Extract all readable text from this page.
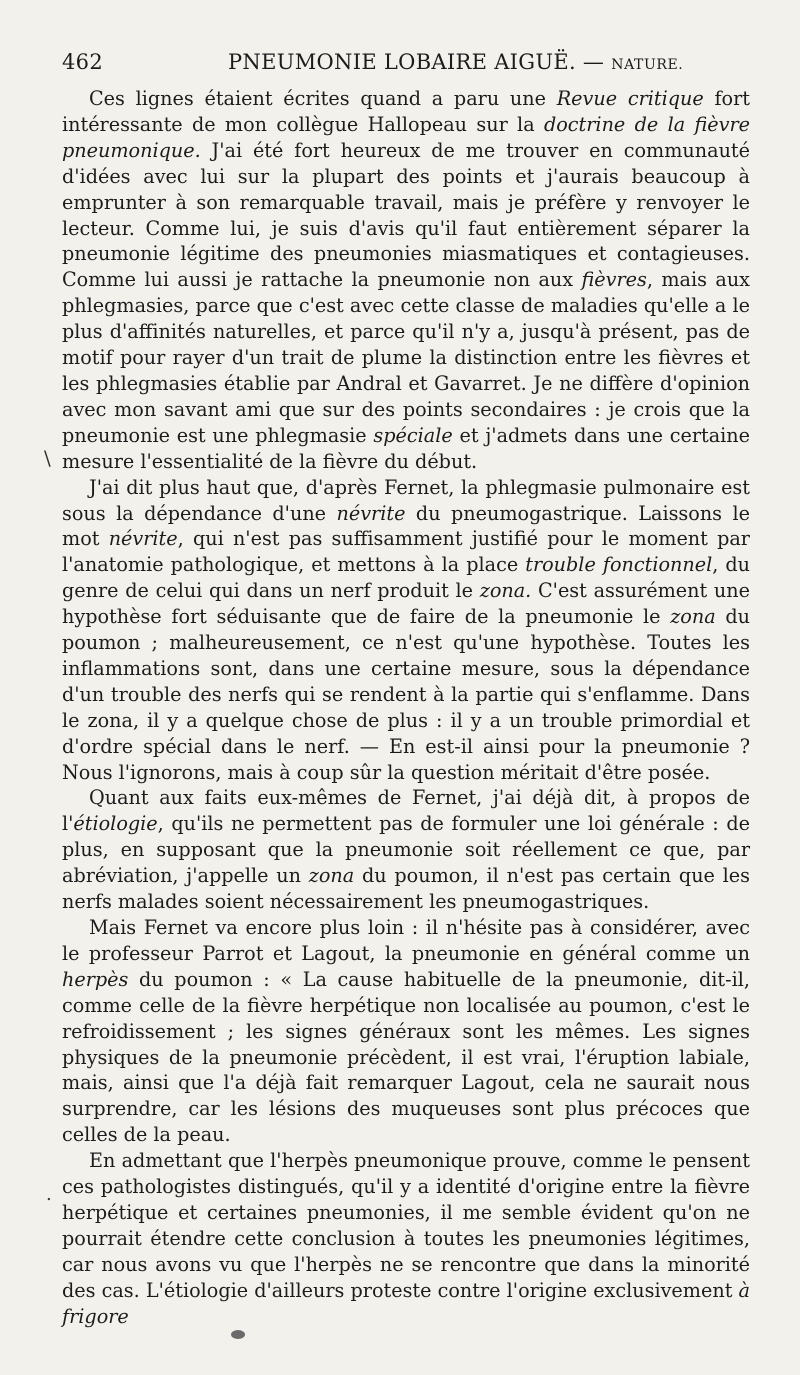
462	PNEUMONIE LOBAIRE AIGUË. — NATURE.
\
.

Ces lignes étaient écrites quand a paru une Revue critique fort intéressante de mon collègue Hallopeau sur la doctrine de la fièvre pneumonique. J'ai été fort heureux de me trouver en communauté d'idées avec lui sur la plupart des points et j'aurais beaucoup à emprunter à son remarquable travail, mais je préfère y renvoyer le lecteur. Comme lui, je suis d'avis qu'il faut entièrement séparer la pneumonie légitime des pneumonies miasmatiques et contagieuses. Comme lui aussi je rattache la pneumonie non aux fièvres, mais aux phlegmasies, parce que c'est avec cette classe de maladies qu'elle a le plus d'affinités naturelles, et parce qu'il n'y a, jusqu'à présent, pas de motif pour rayer d'un trait de plume la distinction entre les fièvres et les phlegmasies établie par Andral et Gavarret. Je ne diffère d'opinion avec mon savant ami que sur des points secondaires : je crois que la pneumonie est une phlegmasie spéciale et j'admets dans une certaine mesure l'essentialité de la fièvre du début.

J'ai dit plus haut que, d'après Fernet, la phlegmasie pulmonaire est sous la dépendance d'une névrite du pneumogastrique. Laissons le mot névrite, qui n'est pas suffisamment justifié pour le moment par l'anatomie pathologique, et mettons à la place trouble fonctionnel, du genre de celui qui dans un nerf produit le zona. C'est assurément une hypothèse fort séduisante que de faire de la pneumonie le zona du poumon ; malheureusement, ce n'est qu'une hypothèse. Toutes les inflammations sont, dans une certaine mesure, sous la dépendance d'un trouble des nerfs qui se rendent à la partie qui s'enflamme. Dans le zona, il y a quelque chose de plus : il y a un trouble primordial et d'ordre spécial dans le nerf. — En est-il ainsi pour la pneumonie ? Nous l'ignorons, mais à coup sûr la question méritait d'être posée.

Quant aux faits eux-mêmes de Fernet, j'ai déjà dit, à propos de l'étiologie, qu'ils ne permettent pas de formuler une loi générale : de plus, en supposant que la pneumonie soit réellement ce que, par abréviation, j'appelle un zona du poumon, il n'est pas certain que les nerfs malades soient nécessairement les pneumogastriques.

Mais Fernet va encore plus loin : il n'hésite pas à considérer, avec le professeur Parrot et Lagout, la pneumonie en général comme un herpès du poumon : « La cause habituelle de la pneumonie, dit-il, comme celle de la fièvre herpétique non localisée au poumon, c'est le refroidissement ; les signes généraux sont les mêmes. Les signes physiques de la pneumonie précèdent, il est vrai, l'éruption labiale, mais, ainsi que l'a déjà fait remarquer Lagout, cela ne saurait nous surprendre, car les lésions des muqueuses sont plus précoces que celles de la peau.

En admettant que l'herpès pneumonique prouve, comme le pensent ces pathologistes distingués, qu'il y a identité d'origine entre la fièvre herpétique et certaines pneumonies, il me semble évident qu'on ne pourrait étendre cette conclusion à toutes les pneumonies légitimes, car nous avons vu que l'herpès ne se rencontre que dans la minorité des cas. L'étiologie d'ailleurs proteste contre l'origine exclusivement à frigore
